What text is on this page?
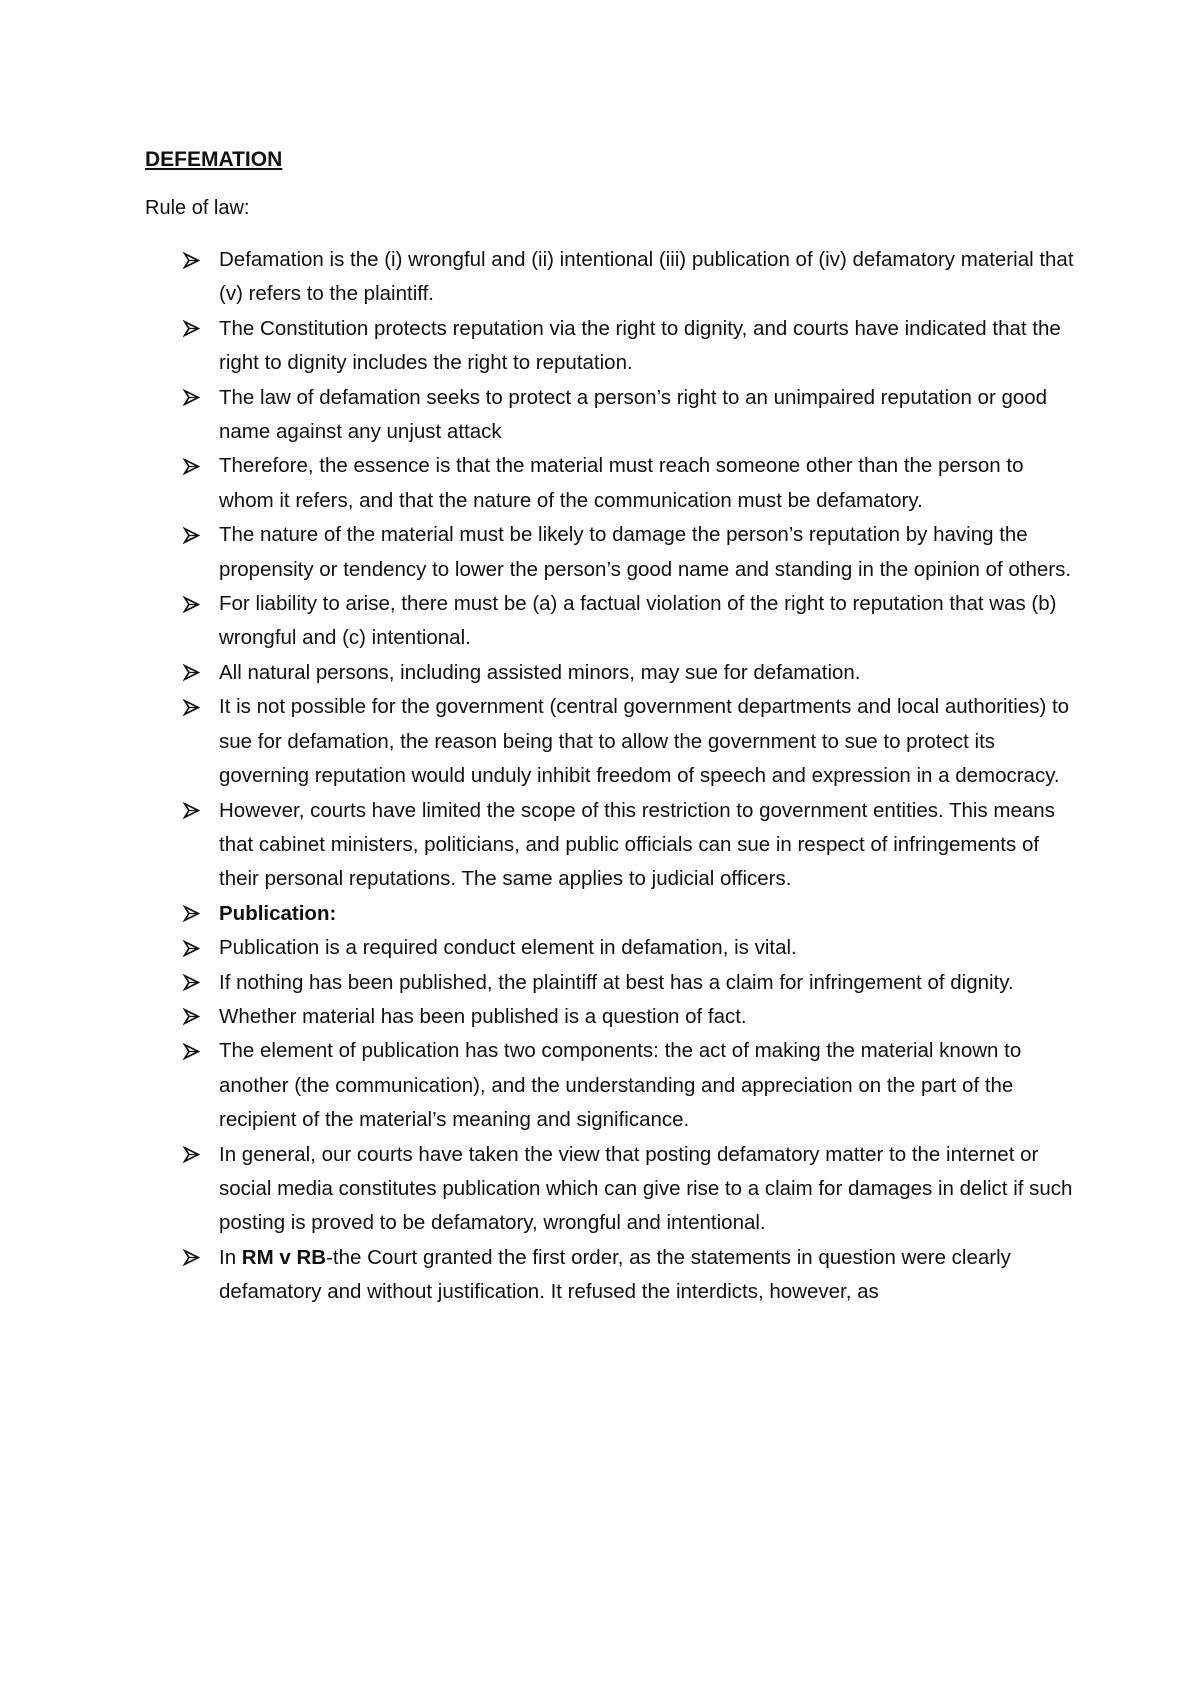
DEFEMATION

Rule of law:

Defamation is the (i) wrongful and (ii) intentional (iii) publication of (iv) defamatory material that (v) refers to the plaintiff.
The Constitution protects reputation via the right to dignity, and courts have indicated that the right to dignity includes the right to reputation.
The law of defamation seeks to protect a person’s right to an unimpaired reputation or good name against any unjust attack
Therefore, the essence is that the material must reach someone other than the person to whom it refers, and that the nature of the communication must be defamatory.
The nature of the material must be likely to damage the person’s reputation by having the propensity or tendency to lower the person’s good name and standing in the opinion of others.
For liability to arise, there must be (a) a factual violation of the right to reputation that was (b) wrongful and (c) intentional.
All natural persons, including assisted minors, may sue for defamation.
It is not possible for the government (central government departments and local authorities) to sue for defamation, the reason being that to allow the government to sue to protect its governing reputation would unduly inhibit freedom of speech and expression in a democracy.
However, courts have limited the scope of this restriction to government entities. This means that cabinet ministers, politicians, and public officials can sue in respect of infringements of their personal reputations. The same applies to judicial officers.
Publication:
Publication is a required conduct element in defamation, is vital.
If nothing has been published, the plaintiff at best has a claim for infringement of dignity.
Whether material has been published is a question of fact.
The element of publication has two components: the act of making the material known to another (the communication), and the understanding and appreciation on the part of the recipient of the material’s meaning and significance.
In general, our courts have taken the view that posting defamatory matter to the internet or social media constitutes publication which can give rise to a claim for damages in delict if such posting is proved to be defamatory, wrongful and intentional.
In RM v RB-the Court granted the first order, as the statements in question were clearly defamatory and without justification. It refused the interdicts, however, as
